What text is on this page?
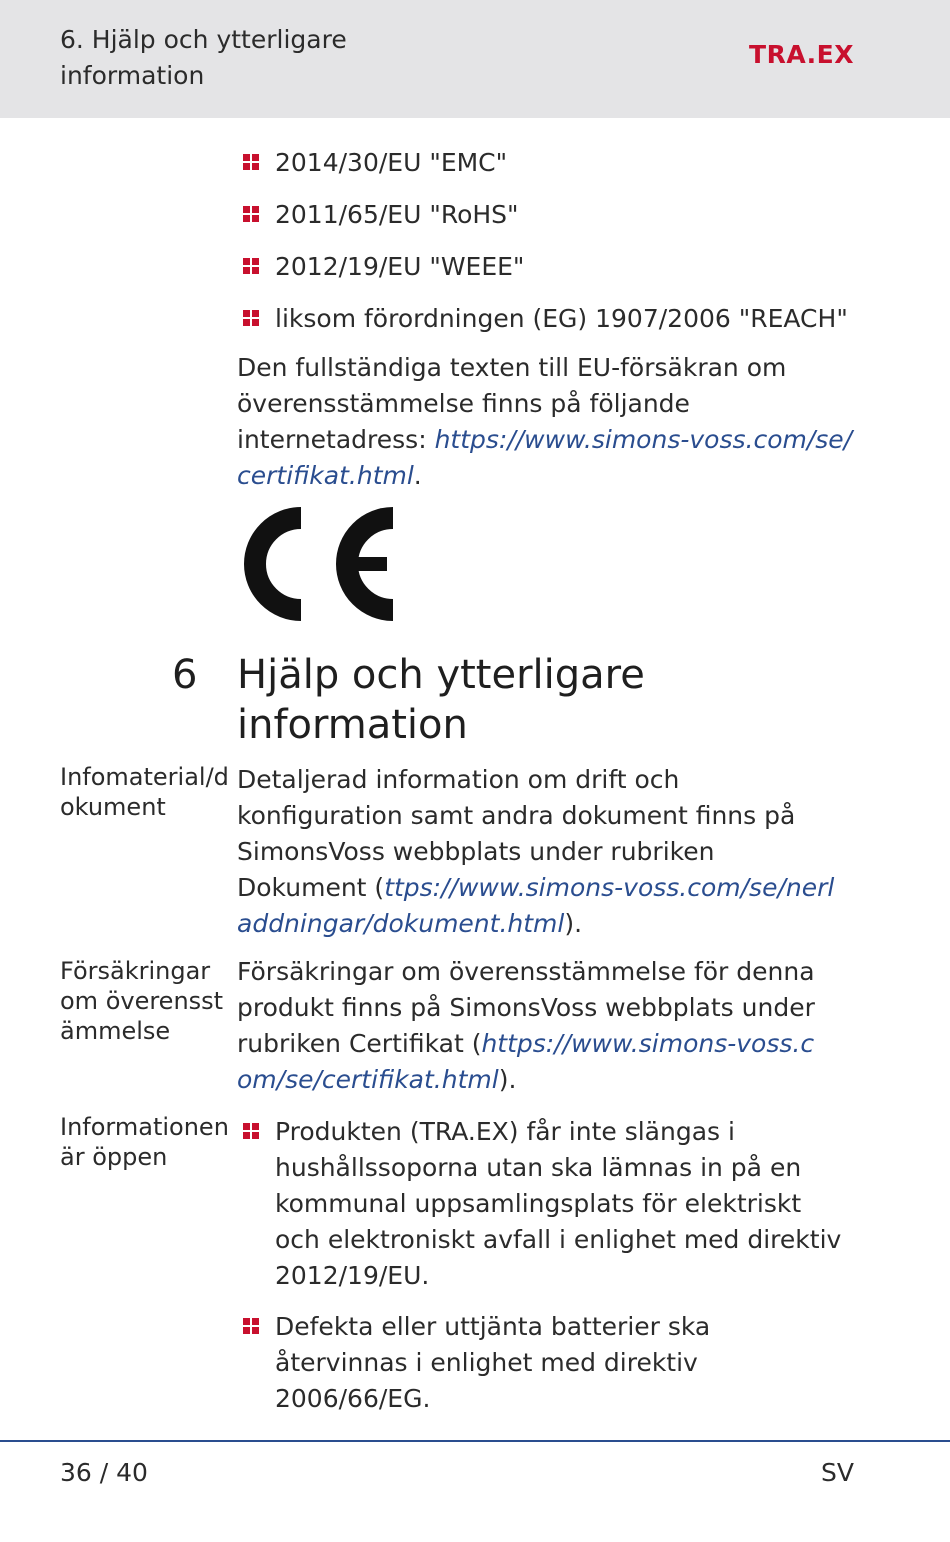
6. Hjälp och ytterligare information
TRA.EX
2014/30/EU "EMC"
2011/65/EU "RoHS"
2012/19/EU "WEEE"
liksom förordningen (EG) 1907/2006 "REACH"
Den fullständiga texten till EU-försäkran om överensstämmelse finns på följande internetadress: https://www.simons-voss.com/se/certifikat.html.
6 Hjälp och ytterligare information
Infomaterial/dokument
Detaljerad information om drift och konfiguration samt andra dokument finns på SimonsVoss webbplats under rubriken Dokument (ttps://www.simons-voss.com/se/nerladdningar/dokument.html).
Försäkringar om överensstämmelse
Försäkringar om överensstämmelse för denna produkt finns på SimonsVoss webbplats under rubriken Certifikat (https://www.simons-voss.com/se/certifikat.html).
Informationen är öppen
Produkten (TRA.EX) får inte slängas i hushållssoporna utan ska lämnas in på en kommunal uppsamlingsplats för elektriskt och elektroniskt avfall i enlighet med direktiv 2012/19/EU.
Defekta eller uttjänta batterier ska återvinnas i enlighet med direktiv 2006/66/EG.
36 / 40	SV
